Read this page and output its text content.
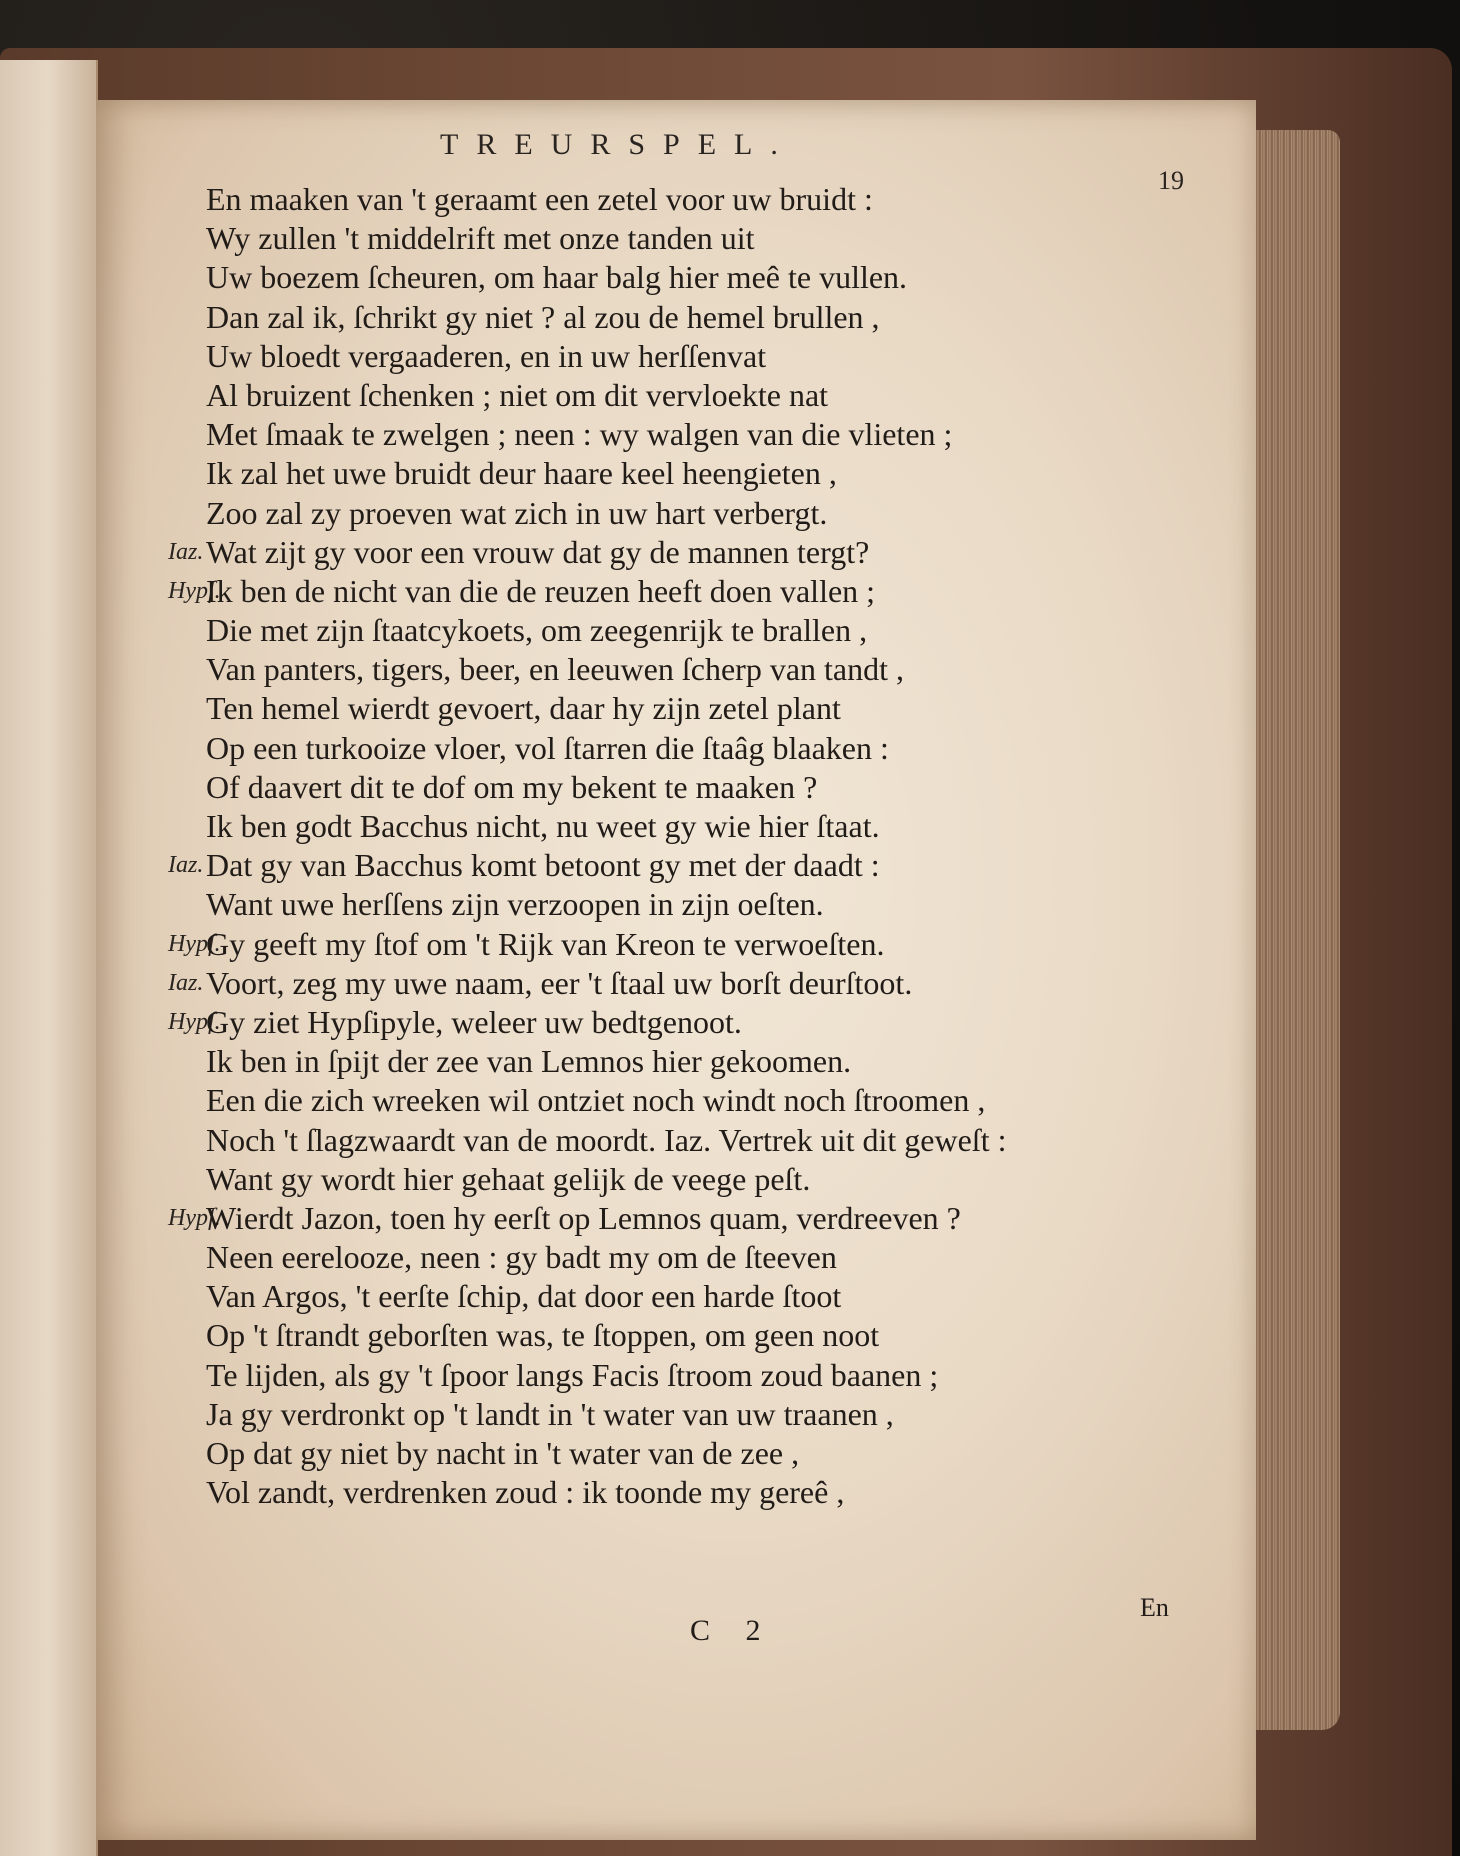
TREURSPEL.
19
En maaken van 't geraamt een zetel voor uw bruidt :
Wy zullen 't middelrift met onze tanden uit
Uw boezem ſcheuren, om haar balg hier meê te vullen.
Dan zal ik, ſchrikt gy niet ? al zou de hemel brullen ,
Uw bloedt vergaaderen, en in uw herſſenvat
Al bruizent ſchenken ; niet om dit vervloekte nat
Met ſmaak te zwelgen ; neen : wy walgen van die vlieten ;
Ik zal het uwe bruidt deur haare keel heengieten ,
Zoo zal zy proeven wat zich in uw hart verbergt.
Iaz. Wat zijt gy voor een vrouw dat gy de mannen tergt?
Hypſ.
Ik ben de nicht van die de reuzen heeft doen vallen ;
Die met zijn ſtaatcykoets, om zeegenrijk te brallen ,
Van panters, tigers, beer, en leeuwen ſcherp van tandt ,
Ten hemel wierdt gevoert, daar hy zijn zetel plant
Op een turkooize vloer, vol ſtarren die ſtaâg blaaken :
Of daavert dit te dof om my bekent te maaken ?
Ik ben godt Bacchus nicht, nu weet gy wie hier ſtaat.
Iaz. Dat gy van Bacchus komt betoont gy met der daadt :
Want uwe herſſens zijn verzoopen in zijn oeſten.
Hypſ.
Gy geeft my ſtof om 't Rijk van Kreon te verwoeſten.
Iaz. Voort, zeg my uwe naam, eer 't ſtaal uw borſt deurſtoot.
Hypſ.
Gy ziet Hypſipyle, weleer uw bedtgenoot.
Ik ben in ſpijt der zee van Lemnos hier gekoomen.
Een die zich wreeken wil ontziet noch windt noch ſtroomen ,
Noch 't ſlagzwaardt van de moordt. Iaz. Vertrek uit dit geweſt :
Want gy wordt hier gehaat gelijk de veege peſt.
Hypſ.
Wierdt Jazon, toen hy eerſt op Lemnos quam, verdreeven ?
Neen eerelooze, neen : gy badt my om de ſteeven
Van Argos, 't eerſte ſchip, dat door een harde ſtoot
Op 't ſtrandt geborſten was, te ſtoppen, om geen noot
Te lijden, als gy 't ſpoor langs Facis ſtroom zoud baanen ;
Ja gy verdronkt op 't landt in 't water van uw traanen ,
Op dat gy niet by nacht in 't water van de zee ,
Vol zandt, verdrenken zoud : ik toonde my gereê ,
C 2
En
